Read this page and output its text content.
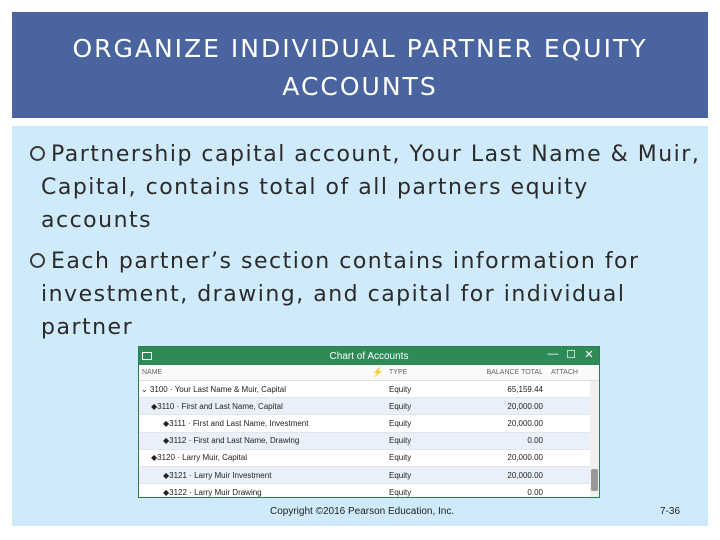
ORGANIZE INDIVIDUAL PARTNER EQUITY
ACCOUNTS
Partnership capital account, Your Last Name & Muir, Capital, contains total of all partners equity accounts
Each partner’s section contains information for investment, drawing, and capital for individual partner
Chart of Accounts	— ☐ ✕
NAME	⚡ TYPE	BALANCE TOTAL	ATTACH
⌄ 3100 · Your Last Name & Muir, Capital	Equity	65,159.44
◆3110 · First and Last Name, Capital	Equity	20,000.00
◆3111 · First and Last Name, Investment	Equity	20,000.00
◆3112 · First and Last Name, Drawing	Equity	0.00
◆3120 · Larry Muir, Capital	Equity	20,000.00
◆3121 · Larry Muir Investment	Equity	20,000.00
◆3122 · Larry Muir Drawing	Equity	0.00
Copyright ©2016 Pearson Education, Inc.	7-36
